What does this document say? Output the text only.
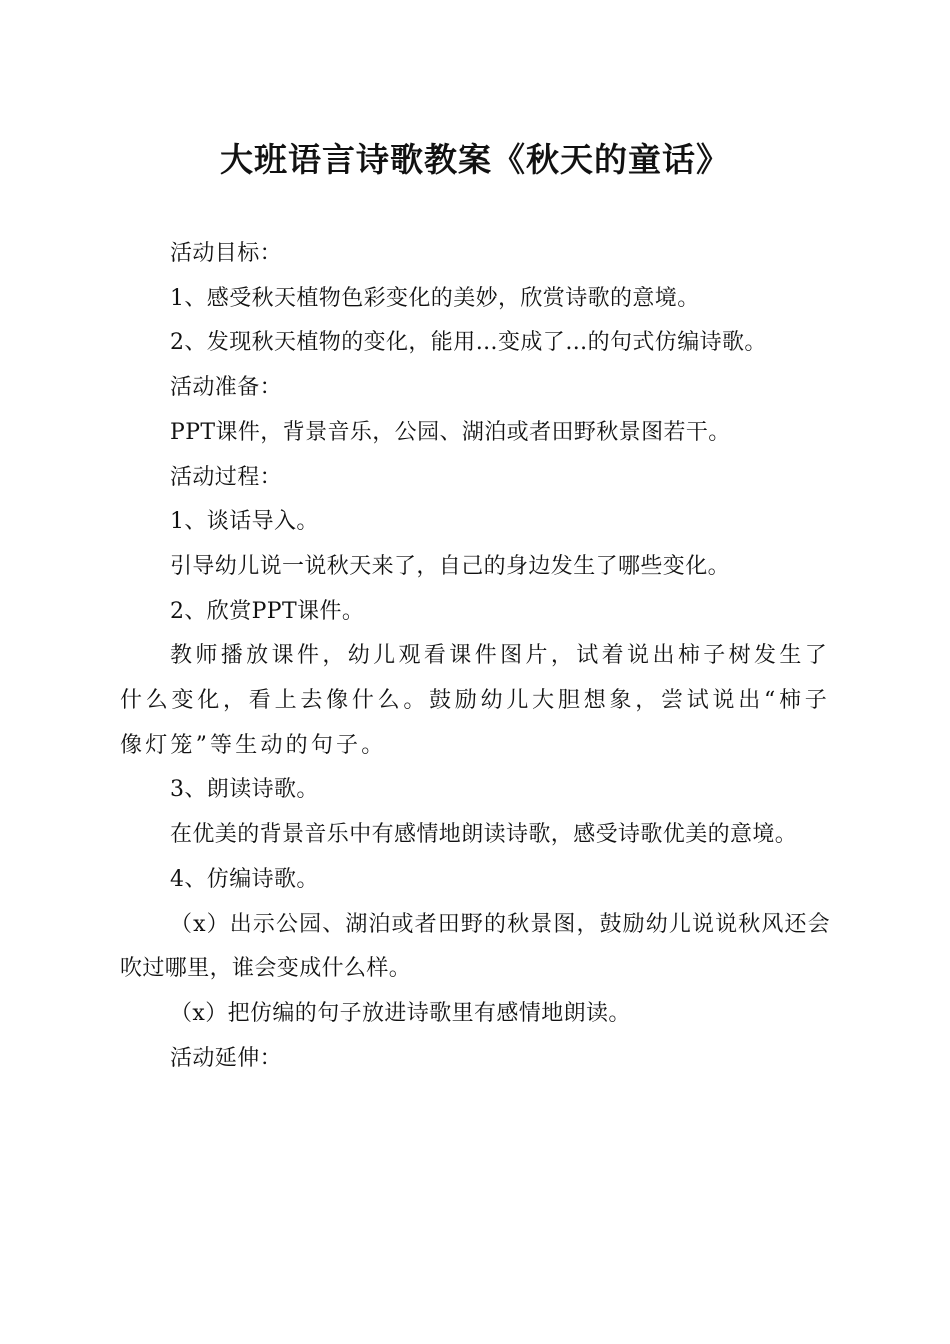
大班语言诗歌教案《秋天的童话》

活动目标：

1、感受秋天植物色彩变化的美妙，欣赏诗歌的意境。

2、发现秋天植物的变化，能用…变成了…的句式仿编诗歌。

活动准备：

PPT课件，背景音乐，公园、湖泊或者田野秋景图若干。

活动过程：

1、谈话导入。

引导幼儿说一说秋天来了，自己的身边发生了哪些变化。

2、欣赏PPT课件。

教师播放课件，幼儿观看课件图片，试着说出柿子树发生了什么变化，看上去像什么。鼓励幼儿大胆想象，尝试说出“柿子像灯笼”等生动的句子。

3、朗读诗歌。

在优美的背景音乐中有感情地朗读诗歌，感受诗歌优美的意境。

4、仿编诗歌。

（x）出示公园、湖泊或者田野的秋景图，鼓励幼儿说说秋风还会吹过哪里，谁会变成什么样。

（x）把仿编的句子放进诗歌里有感情地朗读。

活动延伸：
